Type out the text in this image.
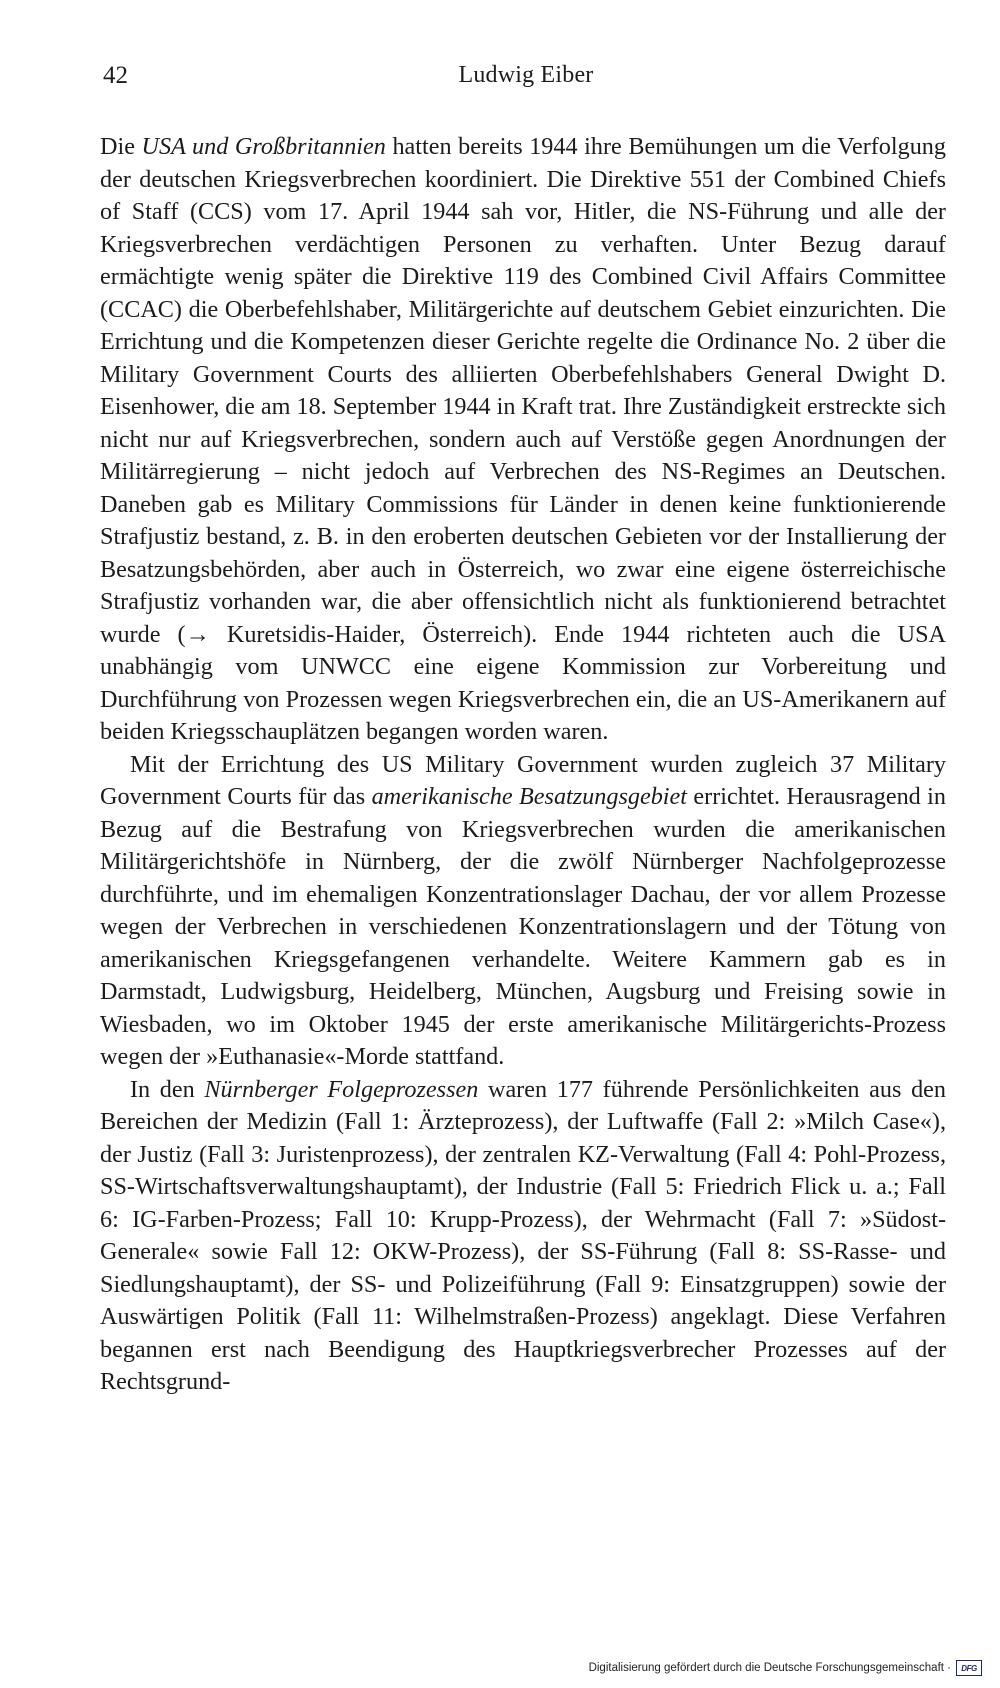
42	Ludwig Eiber

Die USA und Großbritannien hatten bereits 1944 ihre Bemühungen um die Verfolgung der deutschen Kriegsverbrechen koordiniert. Die Direktive 551 der Combined Chiefs of Staff (CCS) vom 17. April 1944 sah vor, Hitler, die NS-Führung und alle der Kriegsverbrechen verdächtigen Personen zu verhaften. Unter Bezug darauf ermächtigte wenig später die Direktive 119 des Combined Civil Affairs Committee (CCAC) die Oberbefehlshaber, Militärgerichte auf deutschem Gebiet einzurichten. Die Errichtung und die Kompetenzen dieser Gerichte regelte die Ordinance No. 2 über die Military Government Courts des alliierten Oberbefehlshabers General Dwight D. Eisenhower, die am 18. September 1944 in Kraft trat. Ihre Zuständigkeit erstreckte sich nicht nur auf Kriegsverbrechen, sondern auch auf Verstöße gegen Anordnungen der Militärregierung – nicht jedoch auf Verbrechen des NS-Regimes an Deutschen. Daneben gab es Military Commissions für Länder in denen keine funktionierende Strafjustiz bestand, z. B. in den eroberten deutschen Gebieten vor der Installierung der Besatzungsbehörden, aber auch in Österreich, wo zwar eine eigene österreichische Strafjustiz vorhanden war, die aber offensichtlich nicht als funktionierend betrachtet wurde (→ Kuretsidis-Haider, Österreich). Ende 1944 richteten auch die USA unabhängig vom UNWCC eine eigene Kommission zur Vorbereitung und Durchführung von Prozessen wegen Kriegsverbrechen ein, die an US-Amerikanern auf beiden Kriegsschauplätzen begangen worden waren.

Mit der Errichtung des US Military Government wurden zugleich 37 Military Government Courts für das amerikanische Besatzungsgebiet errichtet. Herausragend in Bezug auf die Bestrafung von Kriegsverbrechen wurden die amerikanischen Militärgerichtshöfe in Nürnberg, der die zwölf Nürnberger Nachfolgeprozesse durchführte, und im ehemaligen Konzentrationslager Dachau, der vor allem Prozesse wegen der Verbrechen in verschiedenen Konzentrationslagern und der Tötung von amerikanischen Kriegsgefangenen verhandelte. Weitere Kammern gab es in Darmstadt, Ludwigsburg, Heidelberg, München, Augsburg und Freising sowie in Wiesbaden, wo im Oktober 1945 der erste amerikanische Militärgerichts-Prozess wegen der »Euthanasie«-Morde stattfand.

In den Nürnberger Folgeprozessen waren 177 führende Persönlichkeiten aus den Bereichen der Medizin (Fall 1: Ärzteprozess), der Luftwaffe (Fall 2: »Milch Case«), der Justiz (Fall 3: Juristenprozess), der zentralen KZ-Verwaltung (Fall 4: Pohl-Prozess, SS-Wirtschaftsverwaltungshauptamt), der Industrie (Fall 5: Friedrich Flick u. a.; Fall 6: IG-Farben-Prozess; Fall 10: Krupp-Prozess), der Wehrmacht (Fall 7: »Südost-Generale« sowie Fall 12: OKW-Prozess), der SS-Führung (Fall 8: SS-Rasse- und Siedlungshauptamt), der SS- und Polizeiführung (Fall 9: Einsatzgruppen) sowie der Auswärtigen Politik (Fall 11: Wilhelmstraßen-Prozess) angeklagt. Diese Verfahren begannen erst nach Beendigung des Hauptkriegsverbrecher Prozesses auf der Rechtsgrund-

Digitalisierung gefördert durch die Deutsche Forschungsgemeinschaft ·	DFG
